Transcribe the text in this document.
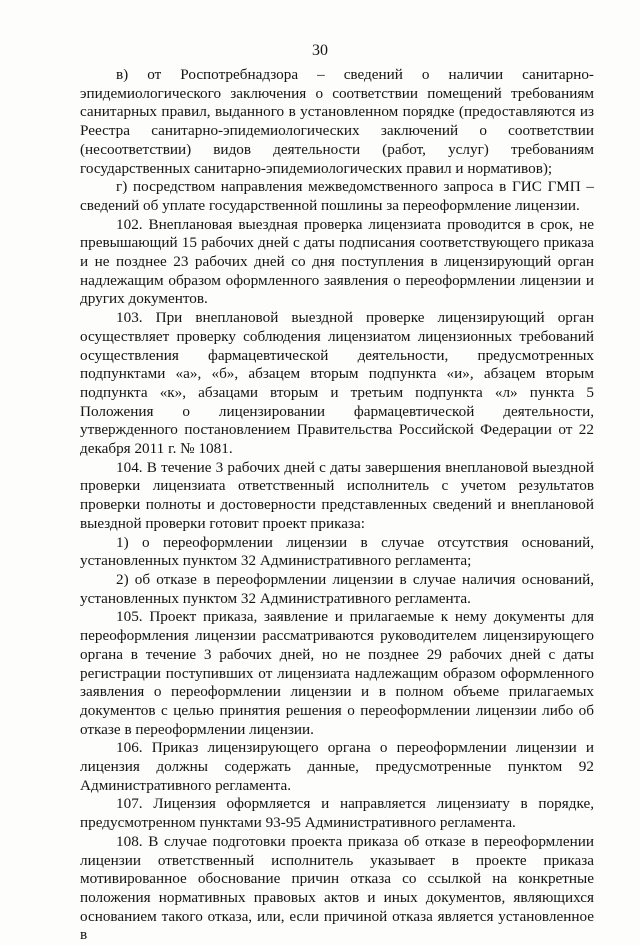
30

в) от Роспотребнадзора – сведений о наличии санитарно-эпидемиологического заключения о соответствии помещений требованиям санитарных правил, выданного в установленном порядке (предоставляются из Реестра санитарно-эпидемиологических заключений о соответствии (несоответствии) видов деятельности (работ, услуг) требованиям государственных санитарно-эпидемиологических правил и нормативов);

г) посредством направления межведомственного запроса в ГИС ГМП – сведений об уплате государственной пошлины за переоформление лицензии.

102. Внеплановая выездная проверка лицензиата проводится в срок, не превышающий 15 рабочих дней с даты подписания соответствующего приказа и не позднее 23 рабочих дней со дня поступления в лицензирующий орган надлежащим образом оформленного заявления о переоформлении лицензии и других документов.

103. При внеплановой выездной проверке лицензирующий орган осуществляет проверку соблюдения лицензиатом лицензионных требований осуществления фармацевтической деятельности, предусмотренных подпунктами «а», «б», абзацем вторым подпункта «и», абзацем вторым подпункта «к», абзацами вторым и третьим подпункта «л» пункта 5 Положения о лицензировании фармацевтической деятельности, утвержденного постановлением Правительства Российской Федерации от 22 декабря 2011 г. № 1081.

104. В течение 3 рабочих дней с даты завершения внеплановой выездной проверки лицензиата ответственный исполнитель с учетом результатов проверки полноты и достоверности представленных сведений и внеплановой выездной проверки готовит проект приказа:

1) о переоформлении лицензии в случае отсутствия оснований, установленных пунктом 32 Административного регламента;

2) об отказе в переоформлении лицензии в случае наличия оснований, установленных пунктом 32 Административного регламента.

105. Проект приказа, заявление и прилагаемые к нему документы для переоформления лицензии рассматриваются руководителем лицензирующего органа в течение 3 рабочих дней, но не позднее 29 рабочих дней с даты регистрации поступивших от лицензиата надлежащим образом оформленного заявления о переоформлении лицензии и в полном объеме прилагаемых документов с целью принятия решения о переоформлении лицензии либо об отказе в переоформлении лицензии.

106. Приказ лицензирующего органа о переоформлении лицензии и лицензия должны содержать данные, предусмотренные пунктом 92 Административного регламента.

107. Лицензия оформляется и направляется лицензиату в порядке, предусмотренном пунктами 93-95 Административного регламента.

108. В случае подготовки проекта приказа об отказе в переоформлении лицензии ответственный исполнитель указывает в проекте приказа мотивированное обоснование причин отказа со ссылкой на конкретные положения нормативных правовых актов и иных документов, являющихся основанием такого отказа, или, если причиной отказа является установленное в
